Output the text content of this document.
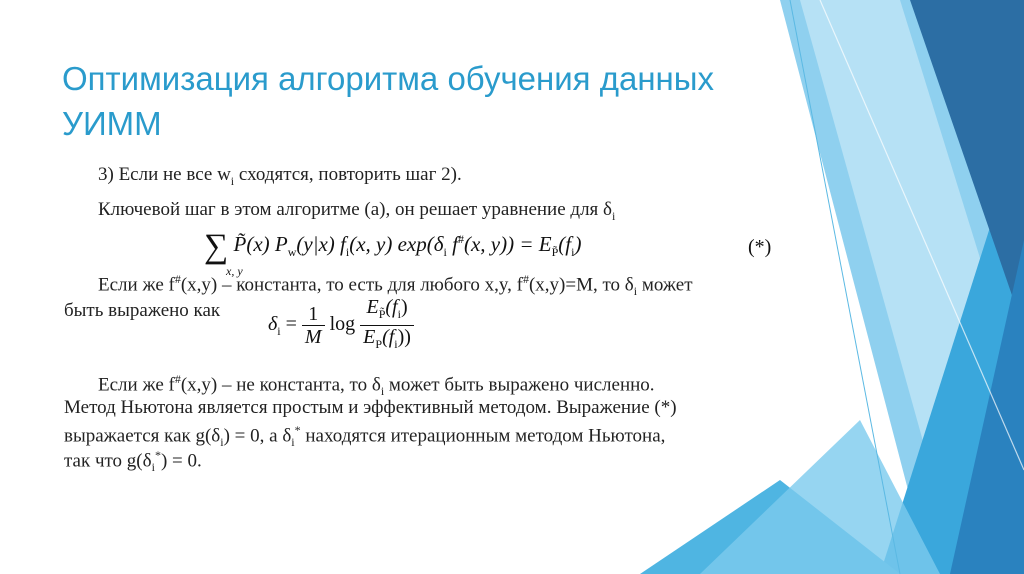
Оптимизация алгоритма обучения данных УИММ

3) Если не все $w_i$ сходятся, повторить шаг 2).

Ключевой шаг в этом алгоритме (а), он решает уравнение для $\delta_i$

∑
x, y
P̃(x) $P_w(y|x)$ $f_i(x$, y) $\exp(\delta_i$ f#(x, $y)) = E_{P̃}(f_i)$	(*)

Если же f#(x,y) – константа, то есть для любого x,y, f#(x,y)=M, то $\delta_i$ может

быть выражено как

$\delta_i = \frac{1}{M}$ $\log \frac{E_{P̃}(f_i)}{E_P(f_i))}$

Если же f#(x,y) – не константа, то $\delta_i$ может быть выражено численно.

Метод Ньютона является простым и эффективный методом. Выражение (*)

выражается как $g(\delta_i) = 0$, а $\delta_i^*$ находятся итерационным методом Ньютона,

так что $g(\delta_i^*) = 0$.
